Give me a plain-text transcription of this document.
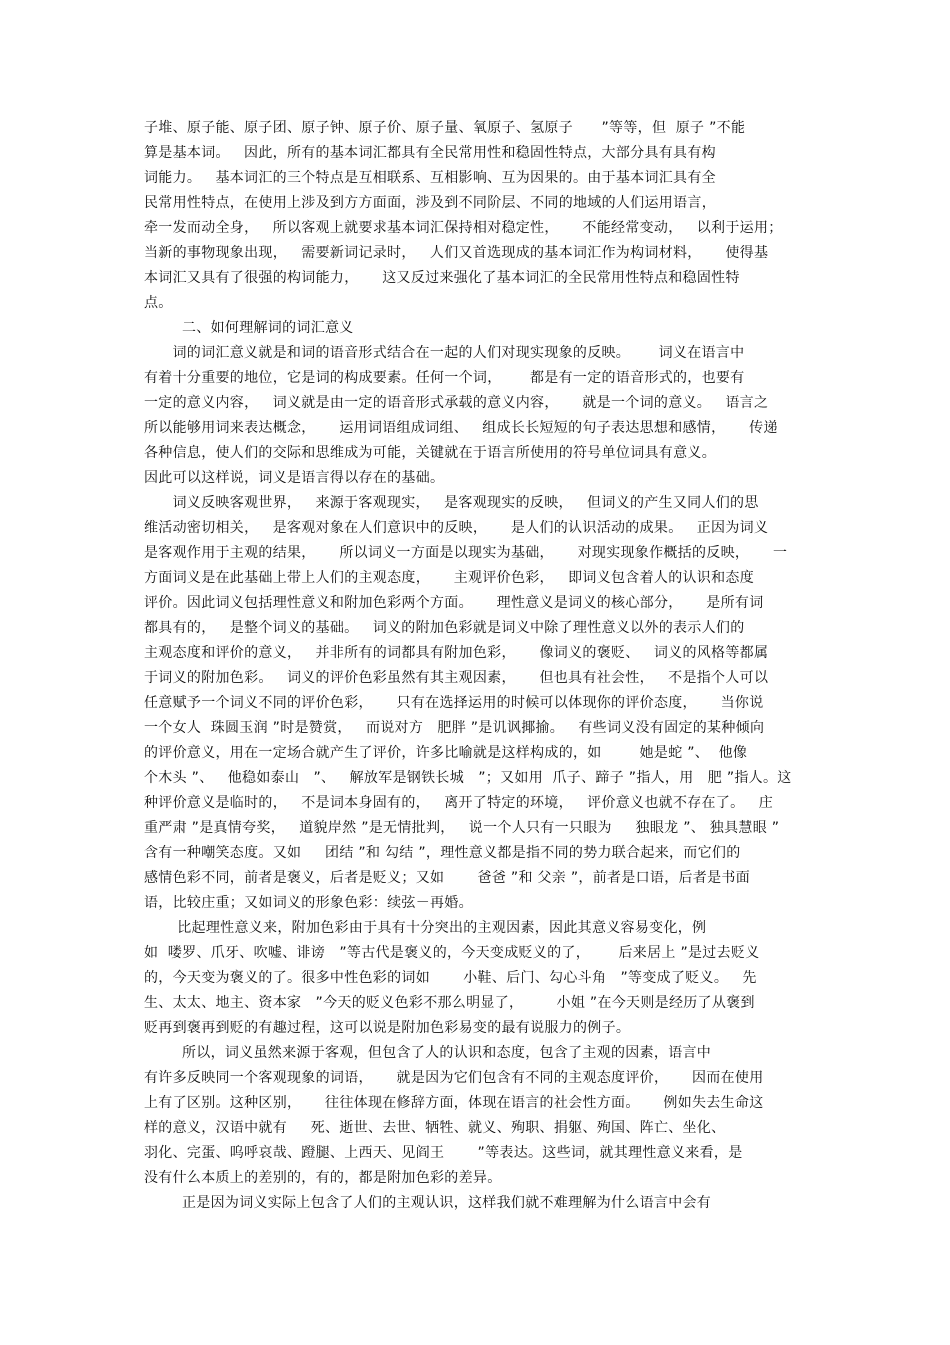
子堆、原子能、原子团、原子钟、原子价、原子量、氧原子、氢原子      ”等等，但  原子 ”不能
算是基本词。   因此，所有的基本词汇都具有全民常用性和稳固性特点，大部分具有具有构
词能力。   基本词汇的三个特点是互相联系、互相影响、互为因果的。由于基本词汇具有全
民常用性特点，在使用上涉及到方方面面，涉及到不同阶层、不同的地域的人们运用语言，
牵一发而动全身，   所以客观上就要求基本词汇保持相对稳定性，     不能经常变动，   以利于运用；
当新的事物现象出现，   需要新词记录时，   人们又首选现成的基本词汇作为构词材料，     使得基
本词汇又具有了很强的构词能力，     这又反过来强化了基本词汇的全民常用性特点和稳固性特
点。
二、如何理解词的词汇意义
词的词汇意义就是和词的语音形式结合在一起的人们对现实现象的反映。      词义在语言中
有着十分重要的地位，它是词的构成要素。任何一个词，      都是有一定的语音形式的，也要有
一定的意义内容，   词义就是由一定的语音形式承载的意义内容，     就是一个词的意义。   语言之
所以能够用词来表达概念，     运用词语组成词组、   组成长长短短的句子表达思想和感情，     传递
各种信息，使人们的交际和思维成为可能，关键就在于语言所使用的符号单位词具有意义。
因此可以这样说，词义是语言得以存在的基础。
词义反映客观世界，   来源于客观现实，   是客观现实的反映，   但词义的产生又同人们的思
维活动密切相关，   是客观对象在人们意识中的反映，     是人们的认识活动的成果。   正因为词义
是客观作用于主观的结果，     所以词义一方面是以现实为基础，     对现实现象作概括的反映，     一
方面词义是在此基础上带上人们的主观态度，     主观评价色彩，   即词义包含着人的认识和态度
评价。因此词义包括理性意义和附加色彩两个方面。     理性意义是词义的核心部分，     是所有词
都具有的，   是整个词义的基础。   词义的附加色彩就是词义中除了理性意义以外的表示人们的
主观态度和评价的意义，   并非所有的词都具有附加色彩，     像词义的褒贬、   词义的风格等都属
于词义的附加色彩。   词义的评价色彩虽然有其主观因素，     但也具有社会性，   不是指个人可以
任意赋予一个词义不同的评价色彩，     只有在选择运用的时候可以体现你的评价态度，     当你说
一个女人  珠圆玉润 ”时是赞赏，   而说对方   肥胖 ”是讥讽揶揄。   有些词义没有固定的某种倾向
的评价意义，用在一定场合就产生了评价，许多比喻就是这样构成的，如        她是蛇 ”、  他像
个木头 ”、   他稳如泰山   ”、   解放军是钢铁长城   ”；又如用  爪子、蹄子 ”指人，用   肥 ”指人。这
种评价意义是临时的，   不是词本身固有的，   离开了特定的环境，   评价意义也就不存在了。   庄
重严肃 ”是真情夸奖，   道貌岸然 ”是无情批判，   说一个人只有一只眼为     独眼龙 ”、 独具慧眼 ”
含有一种嘲笑态度。又如     团结 ”和 勾结 ”，理性意义都是指不同的势力联合起来，而它们的
感情色彩不同，前者是褒义，后者是贬义；又如       爸爸 ”和 父亲 ”，前者是口语，后者是书面
语，比较庄重；又如词义的形象色彩：续弦－再婚。
比起理性意义来，附加色彩由于具有十分突出的主观因素，因此其意义容易变化，例
如  喽罗、爪牙、吹嘘、诽谤   ”等古代是褒义的，今天变成贬义的了，      后来居上 ”是过去贬义
的，今天变为褒义的了。很多中性色彩的词如       小鞋、后门、勾心斗角   ”等变成了贬义。   先
生、太太、地主、资本家   ”今天的贬义色彩不那么明显了，       小姐 ”在今天则是经历了从褒到
贬再到褒再到贬的有趣过程，这可以说是附加色彩易变的最有说服力的例子。
所以，词义虽然来源于客观，但包含了人的认识和态度，包含了主观的因素，语言中
有许多反映同一个客观现象的词语，     就是因为它们包含有不同的主观态度评价，     因而在使用
上有了区别。这种区别，     往往体现在修辞方面，体现在语言的社会性方面。     例如失去生命这
样的意义，汉语中就有     死、逝世、去世、牺牲、就义、殉职、捐躯、殉国、阵亡、坐化、
羽化、完蛋、呜呼哀哉、蹬腿、上西天、见阎王       ”等表达。这些词，就其理性意义来看，是
没有什么本质上的差别的，有的，都是附加色彩的差异。
正是因为词义实际上包含了人们的主观认识，这样我们就不难理解为什么语言中会有
